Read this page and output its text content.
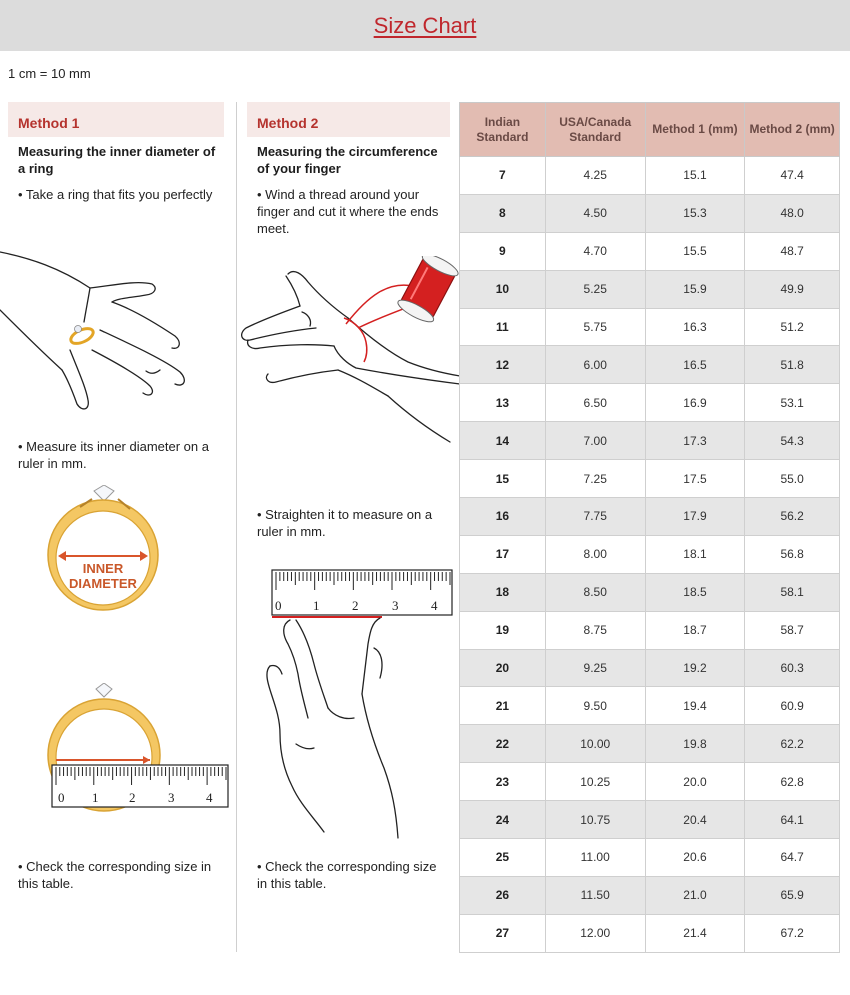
Size Chart
1 cm = 10 mm
Method 1
Measuring the inner diameter of a ring
• Take a ring that fits you perfectly
• Measure its inner diameter on a ruler in mm.
INNER
DIAMETER
0 1 2	3 4
• Check the corresponding size in this table.
Method 2
Measuring the circumference of your finger
• Wind a thread around your finger and cut it where the ends meet.
• Straighten it to measure on a ruler in mm.
0 1	2	3	4
• Check the corresponding size in this table.
Indian Standard	USA/Canada Standard	Method 1 (mm)	Method 2 (mm)
7	4.25	15.1	47.4
8	4.50	15.3	48.0
9	4.70	15.5	48.7
10	5.25	15.9	49.9
11	5.75	16.3	51.2
12	6.00	16.5	51.8
13	6.50	16.9	53.1
14	7.00	17.3	54.3
15	7.25	17.5	55.0
16	7.75	17.9	56.2
17	8.00	18.1	56.8
18	8.50	18.5	58.1
19	8.75	18.7	58.7
20	9.25	19.2	60.3
21	9.50	19.4	60.9
22	10.00	19.8	62.2
23	10.25	20.0	62.8
24	10.75	20.4	64.1
25	11.00	20.6	64.7
26	11.50	21.0	65.9
27	12.00	21.4	67.2
